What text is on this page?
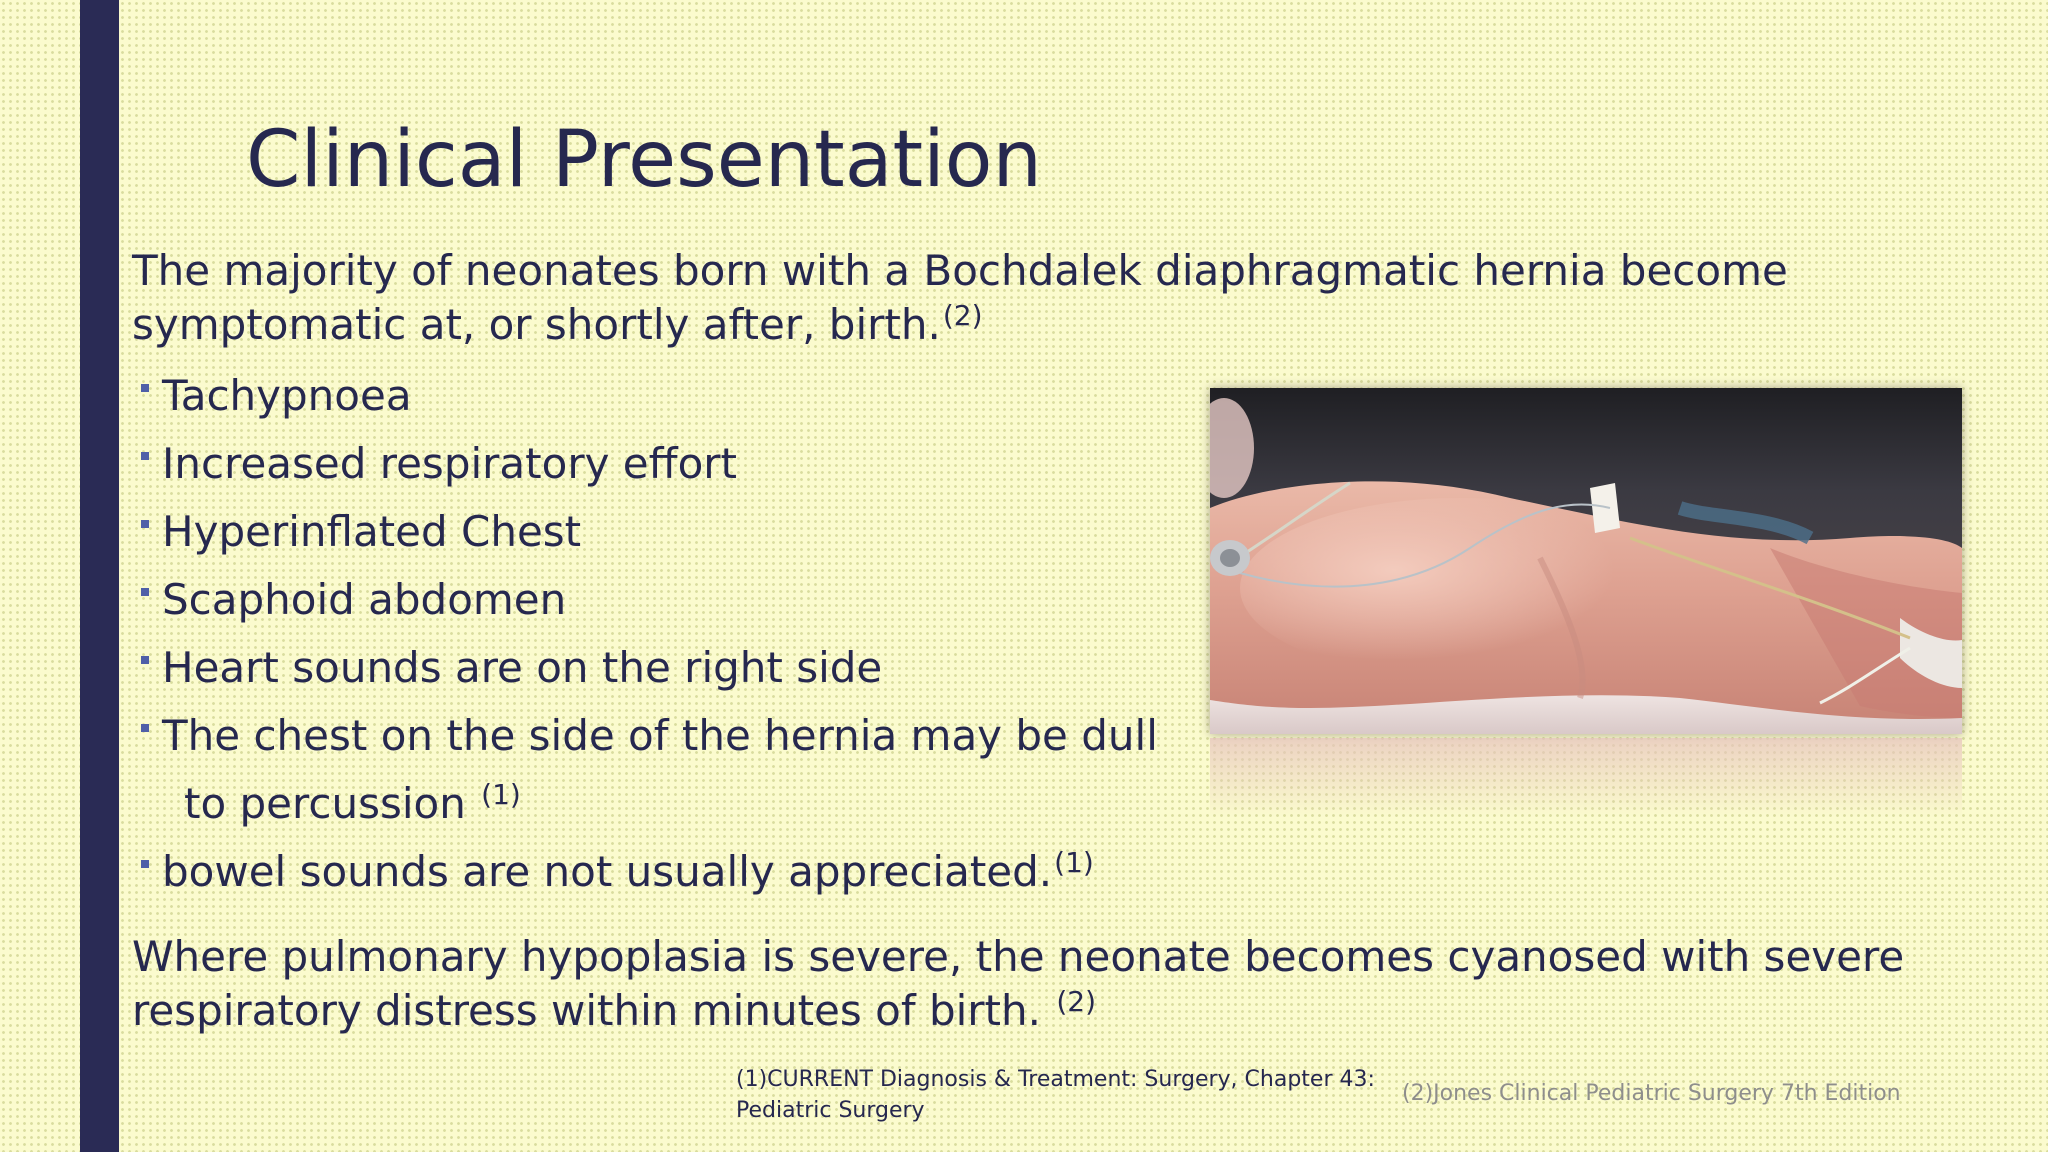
Clinical Presentation

The majority of neonates born with a Bochdalek diaphragmatic hernia become symptomatic at, or shortly after, birth.$^{(2)}$

Tachypnoea
Increased respiratory effort
Hyperinflated Chest
Scaphoid abdomen
Heart sounds are on the right side
The chest on the side of the hernia may be dull
to percussion $^{(1)}$
bowel sounds are not usually appreciated.$^{(1)}$

Where pulmonary hypoplasia is severe, the neonate becomes cyanosed with severe respiratory distress within minutes of birth. $^{(2)}$

(1)CURRENT Diagnosis & Treatment: Surgery, Chapter 43: Pediatric Surgery

(2)Jones Clinical Pediatric Surgery 7th Edition
